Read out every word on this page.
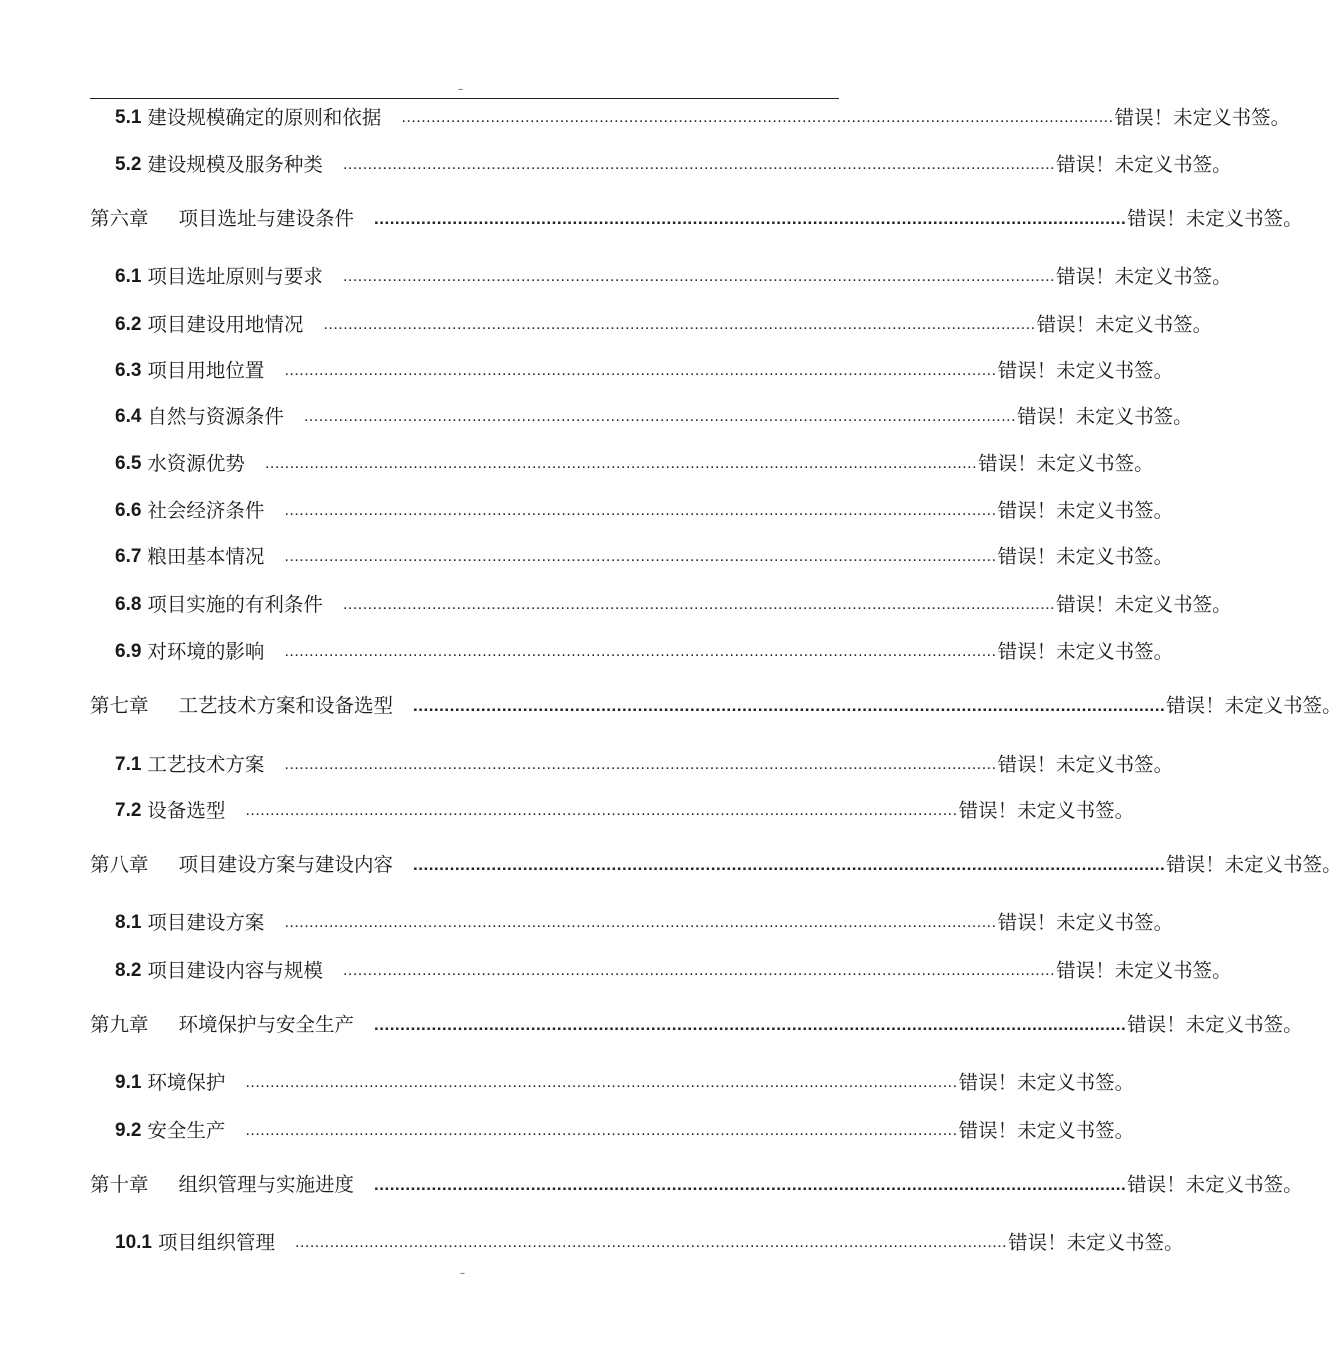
--
5.1 建设规模确定的原则和依据 ................................................................................................................................................ 错误！未定义书签。
5.2 建设规模及服务种类 ................................................................................................................................................ 错误！未定义书签。
第六章 项目选址与建设条件 ................................................................................................................................................ 错误！未定义书签。
6.1 项目选址原则与要求 ................................................................................................................................................ 错误！未定义书签。
6.2 项目建设用地情况 ................................................................................................................................................ 错误！未定义书签。
6.3 项目用地位置 ................................................................................................................................................ 错误！未定义书签。
6.4 自然与资源条件 ................................................................................................................................................ 错误！未定义书签。
6.5 水资源优势 ................................................................................................................................................ 错误！未定义书签。
6.6 社会经济条件 ................................................................................................................................................ 错误！未定义书签。
6.7 粮田基本情况 ................................................................................................................................................ 错误！未定义书签。
6.8 项目实施的有利条件 ................................................................................................................................................ 错误！未定义书签。
6.9 对环境的影响 ................................................................................................................................................ 错误！未定义书签。
第七章 工艺技术方案和设备选型 ................................................................................................................................................ 错误！未定义书签。
7.1 工艺技术方案 ................................................................................................................................................ 错误！未定义书签。
7.2 设备选型 ................................................................................................................................................ 错误！未定义书签。
第八章 项目建设方案与建设内容 ................................................................................................................................................ 错误！未定义书签。
8.1 项目建设方案 ................................................................................................................................................ 错误！未定义书签。
8.2 项目建设内容与规模 ................................................................................................................................................ 错误！未定义书签。
第九章 环境保护与安全生产 ................................................................................................................................................ 错误！未定义书签。
9.1 环境保护 ................................................................................................................................................ 错误！未定义书签。
9.2 安全生产 ................................................................................................................................................ 错误！未定义书签。
第十章 组织管理与实施进度 ................................................................................................................................................ 错误！未定义书签。
10.1 项目组织管理 ................................................................................................................................................ 错误！未定义书签。
--
